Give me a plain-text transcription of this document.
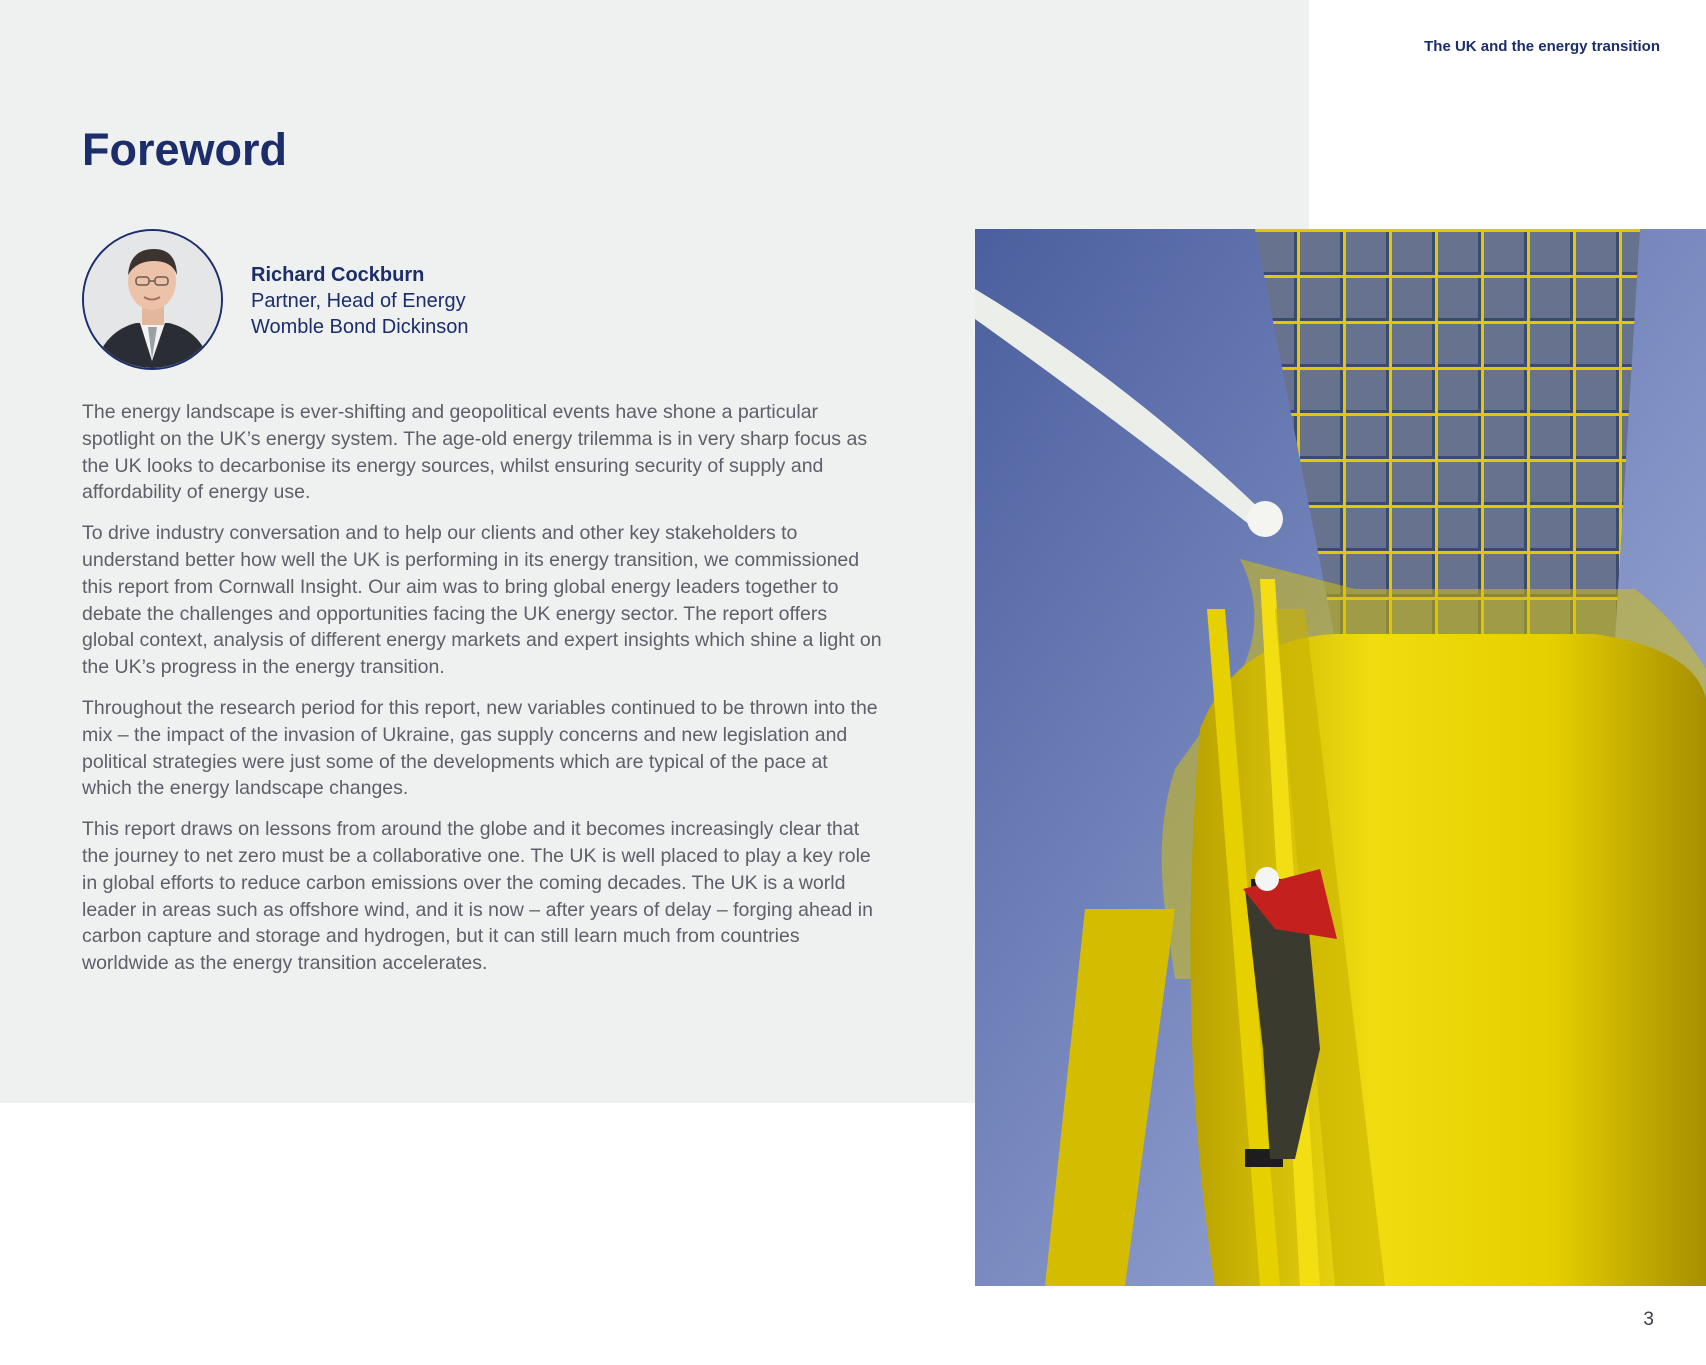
The UK and the energy transition
Foreword
Richard Cockburn
Partner, Head of Energy
Womble Bond Dickinson

The energy landscape is ever-shifting and geopolitical events have shone a particular spotlight on the UK’s energy system. The age-old energy trilemma is in very sharp focus as the UK looks to decarbonise its energy sources, whilst ensuring security of supply and affordability of energy use.

To drive industry conversation and to help our clients and other key stakeholders to understand better how well the UK is performing in its energy transition, we commissioned this report from Cornwall Insight. Our aim was to bring global energy leaders together to debate the challenges and opportunities facing the UK energy sector. The report offers global context, analysis of different energy markets and expert insights which shine a light on the UK’s progress in the energy transition.

Throughout the research period for this report, new variables continued to be thrown into the mix – the impact of the invasion of Ukraine, gas supply concerns and new legislation and political strategies were just some of the developments which are typical of the pace at which the energy landscape changes.

This report draws on lessons from around the globe and it becomes increasingly clear that the journey to net zero must be a collaborative one. The UK is well placed to play a key role in global efforts to reduce carbon emissions over the coming decades. The UK is a world leader in areas such as offshore wind, and it is now – after years of delay – forging ahead in carbon capture and storage and hydrogen, but it can still learn much from countries worldwide as the energy transition accelerates.

3
